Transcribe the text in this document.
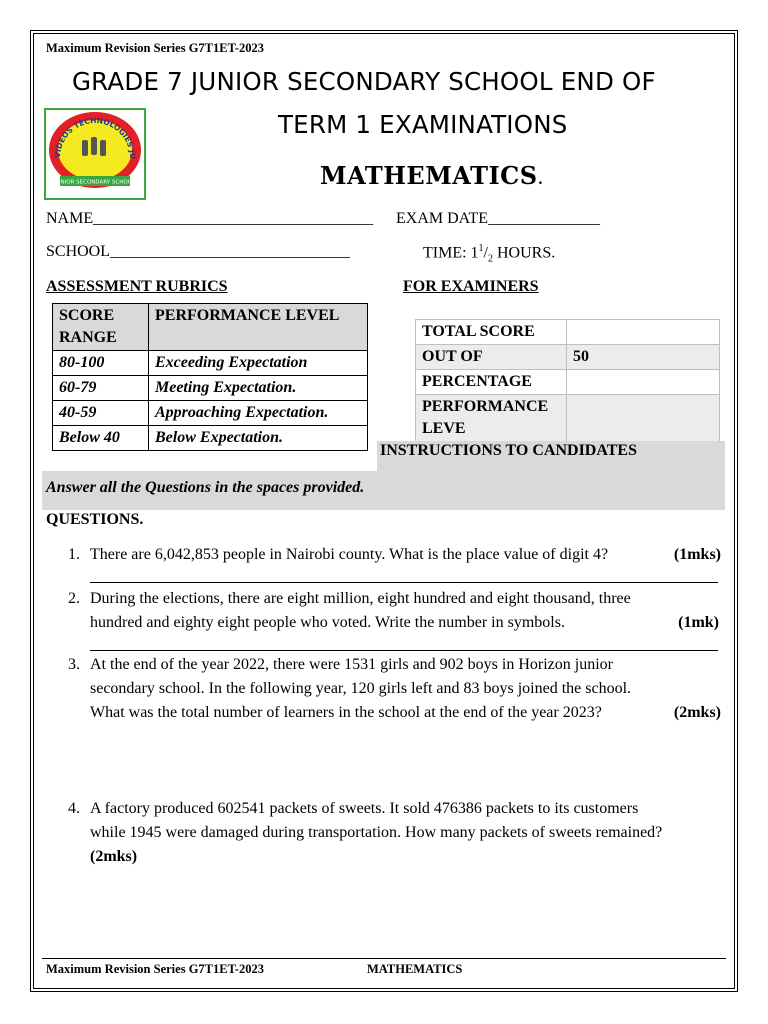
Maximum Revision Series G7T1ET-2023
GRADE 7 JUNIOR SECONDARY SCHOOL END OF
TERM 1 EXAMINATIONS
MATHEMATICS.
VIDEOS TECHNOLOGIES JU
JUNIOR SECONDARY SCHOOL
NAME___________________________________ EXAM DATE______________
SCHOOL______________________________	TIME: $1^1/_2$ HOURS.
ASSESSMENT RUBRICS	FOR EXAMINERS
SCORE RANGE	PERFORMANCE LEVEL
80-100	Exceeding Expectation
60-79	Meeting Expectation.
40-59	Approaching Expectation.
Below 40	Below Expectation.
TOTAL SCORE	
OUT OF	50
PERCENTAGE	
PERFORMANCE LEVE	
INSTRUCTIONS TO CANDIDATES
Answer all the Questions in the spaces provided.
QUESTIONS.
1. There are 6,042,853 people in Nairobi county. What is the place value of digit 4?	(1mks)
2. During the elections, there are eight million, eight hundred and eight thousand, three
hundred and eighty eight people who voted. Write the number in symbols.	(1mk)
3. At the end of the year 2022, there were 1531 girls and 902 boys in Horizon junior
secondary school. In the following year, 120 girls left and 83 boys joined the school.
What was the total number of learners in the school at the end of the year 2023?	(2mks)
4. A factory produced 602541 packets of sweets. It sold 476386 packets to its customers
while 1945 were damaged during transportation. How many packets of sweets remained?
(2mks)
Maximum Revision Series G7T1ET-2023	MATHEMATICS
